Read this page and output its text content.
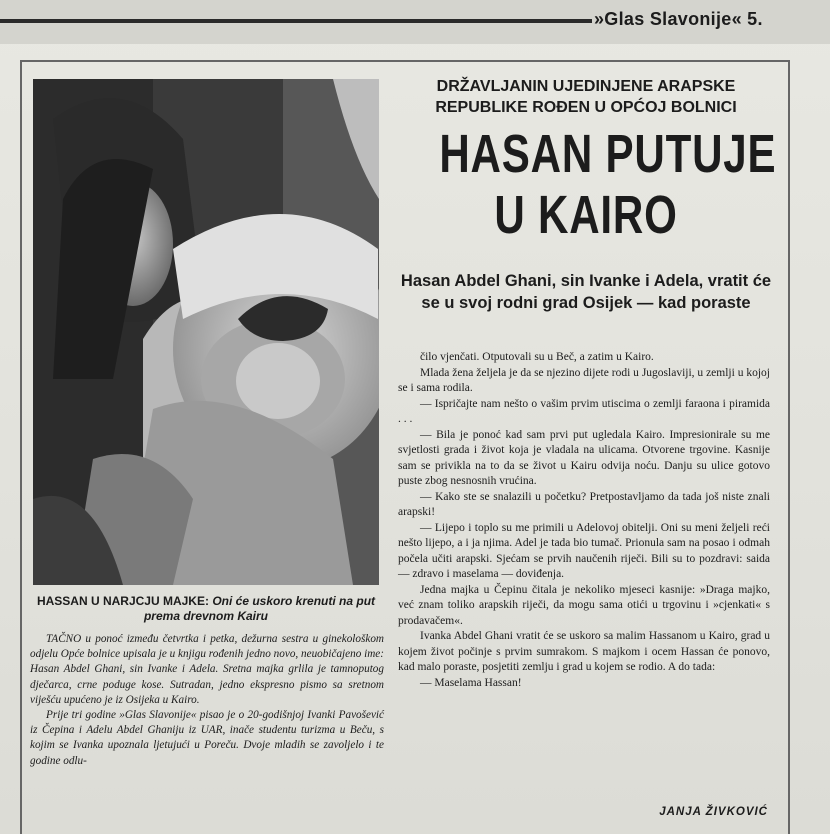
»Glas Slavonije« 5.
HASSAN U NARJCJU MAJKE: Oni će uskoro krenuti na put prema drevnom Kairu

TAČNO u ponoć između četvrtka i petka, dežurna sestra u ginekološkom odjelu Opće bolnice upisala je u knjigu rođenih jedno novo, neuobičajeno ime: Hasan Abdel Ghani, sin Ivanke i Adela. Sretna majka grlila je tamnoputog dječarca, crne poduge kose. Sutradan, jedno ekspresno pismo sa sretnom viješću upućeno je iz Osijeka u Kairo.

Prije tri godine »Glas Slavonije« pisao je o 20-godišnjoj Ivanki Pavošević iz Čepina i Adelu Abdel Ghaniju iz UAR, inače studentu turizma u Beču, s kojim se Ivanka upoznala ljetujući u Poreču. Dvoje mladih se zavoljelo i te godine odlu-

DRŽAVLJANIN UJEDINJENE ARAPSKE REPUBLIKE ROĐEN U OPĆOJ BOLNICI
HASAN PUTUJE
U KAIRO
Hasan Abdel Ghani, sin Ivanke i Adela, vratit će se u svoj rodni grad Osijek — kad poraste

čilo vjenčati. Otputovali su u Beč, a zatim u Kairo.

Mlada žena željela je da se njezino dijete rodi u Jugoslaviji, u zemlji u kojoj se i sama rodila.

— Ispričajte nam nešto o vašim prvim utiscima o zemlji faraona i piramida . . .

— Bila je ponoć kad sam prvi put ugledala Kairo. Impresionirale su me svjetlosti grada i život koja je vladala na ulicama. Otvorene trgovine. Kasnije sam se privikla na to da se život u Kairu odvija noću. Danju su ulice gotovo puste zbog nesnosnih vrućina.

— Kako ste se snalazili u početku? Pretpostavljamo da tada još niste znali arapski!

— Lijepo i toplo su me primili u Adelovoj obitelji. Oni su meni željeli reći nešto lijepo, a i ja njima. Adel je tada bio tumač. Prionula sam na posao i odmah počela učiti arapski. Sjećam se prvih naučenih riječi. Bili su to pozdravi: saida — zdravo i maselama — doviđenja.

Jedna majka u Čepinu čitala je nekoliko mjeseci kasnije: »Draga majko, već znam toliko arapskih riječi, da mogu sama otići u trgovinu i »cjenkati« s prodavačem«.

Ivanka Abdel Ghani vratit će se uskoro sa malim Hassanom u Kairo, grad u kojem život počinje s prvim sumrakom. S majkom i ocem Hassan će ponovo, kad malo poraste, posjetiti zemlju i grad u kojem se rodio. A do tada:

— Maselama Hassan!

JANJA ŽIVKOVIĆ
